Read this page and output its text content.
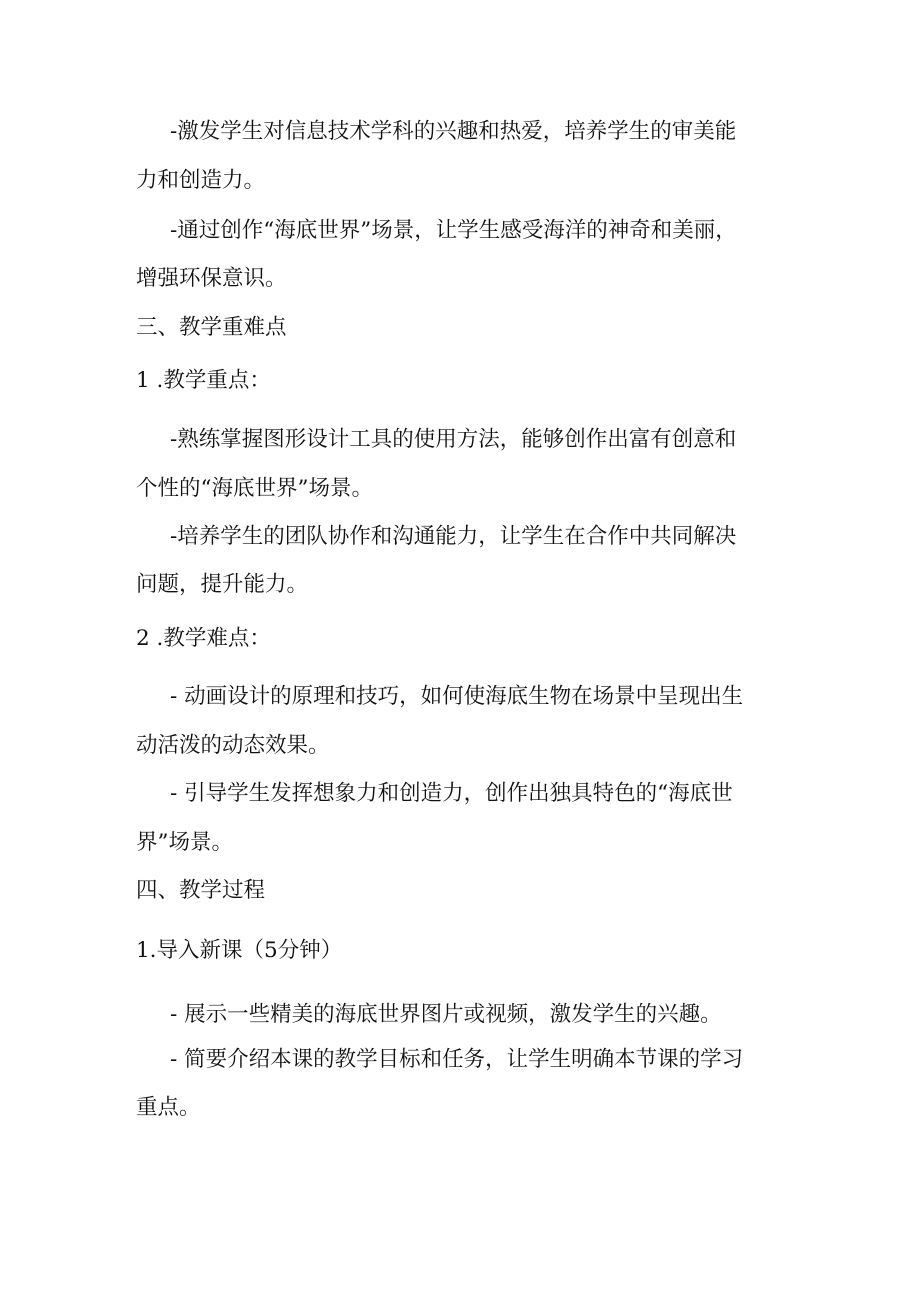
-激发学生对信息技术学科的兴趣和热爱，培养学生的审美能
力和创造力。
-通过创作“海底世界”场景，让学生感受海洋的神奇和美丽，
增强环保意识。
三、教学重难点
1 .教学重点：
-熟练掌握图形设计工具的使用方法，能够创作出富有创意和
个性的“海底世界”场景。
-培养学生的团队协作和沟通能力，让学生在合作中共同解决
问题，提升能力。
2 .教学难点：
- 动画设计的原理和技巧，如何使海底生物在场景中呈现出生
动活泼的动态效果。
- 引导学生发挥想象力和创造力，创作出独具特色的“海底世
界”场景。
四、教学过程
1.导入新课（5分钟）
- 展示一些精美的海底世界图片或视频，激发学生的兴趣。
- 简要介绍本课的教学目标和任务，让学生明确本节课的学习
重点。
